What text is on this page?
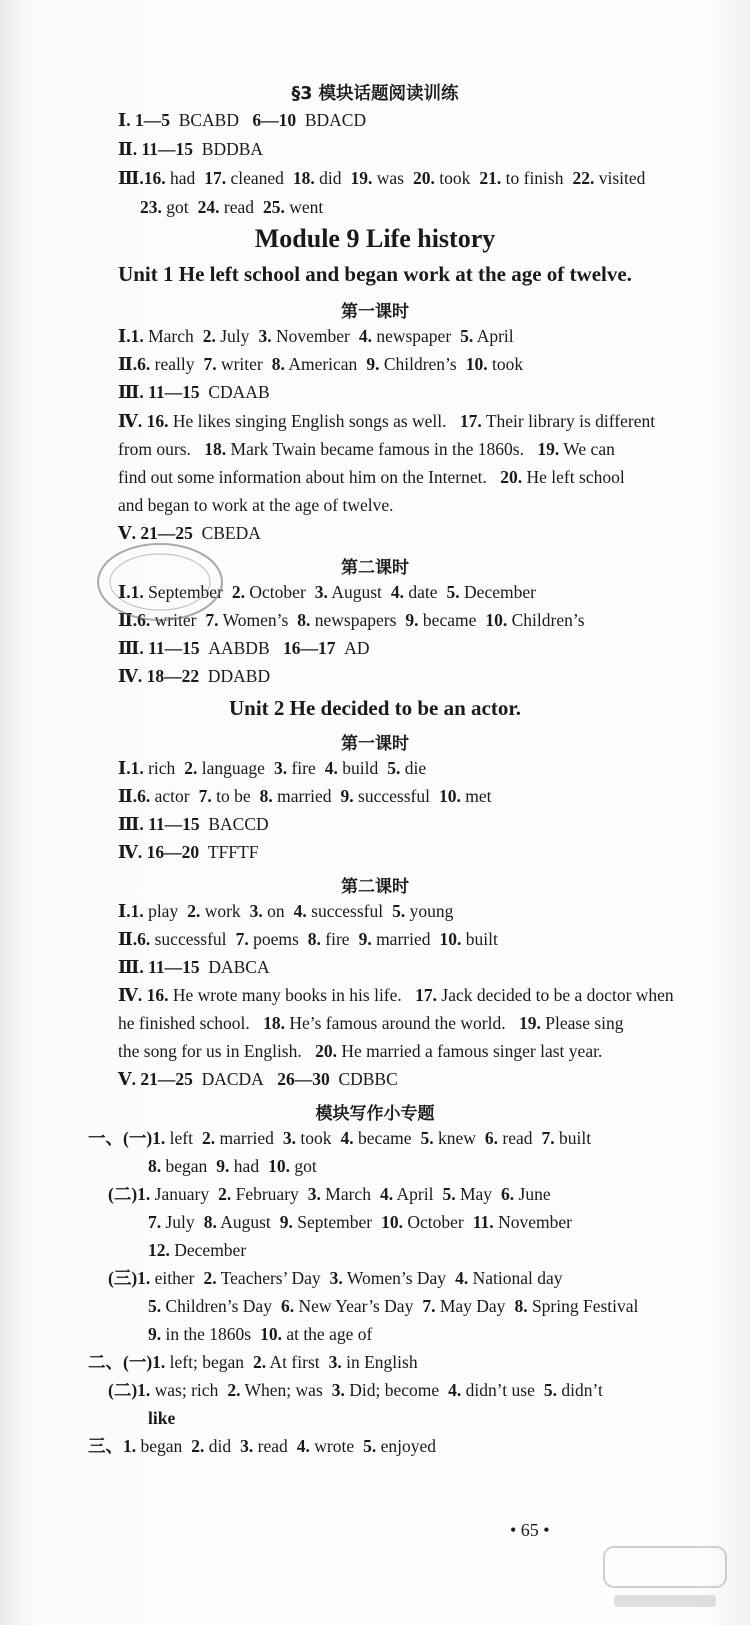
§3 模块话题阅读训练
Ⅰ. 1—5 BCABD 6—10 BDACD
Ⅱ. 11—15 BDDBA
Ⅲ.16. had 17. cleaned 18. did 19. was 20. took 21. to finish 22. visited
23. got 24. read 25. went
Module 9 Life history
Unit 1 He left school and began work at the age of twelve.
第一课时
Ⅰ.1. March 2. July 3. November 4. newspaper 5. April
Ⅱ.6. really 7. writer 8. American 9. Children’s 10. took
Ⅲ. 11—15 CDAAB
Ⅳ. 16. He likes singing English songs as well. 17. Their library is different
from ours. 18. Mark Twain became famous in the 1860s. 19. We can
find out some information about him on the Internet. 20. He left school
and began to work at the age of twelve.
Ⅴ. 21—25 CBEDA
第二课时
Ⅰ.1. September 2. October 3. August 4. date 5. December
Ⅱ.6. writer 7. Women’s 8. newspapers 9. became 10. Children’s
Ⅲ. 11—15 AABDB 16—17 AD
Ⅳ. 18—22 DDABD
Unit 2 He decided to be an actor.
第一课时
Ⅰ.1. rich 2. language 3. fire 4. build 5. die
Ⅱ.6. actor 7. to be 8. married 9. successful 10. met
Ⅲ. 11—15 BACCD
Ⅳ. 16—20 TFFTF
第二课时
Ⅰ.1. play 2. work 3. on 4. successful 5. young
Ⅱ.6. successful 7. poems 8. fire 9. married 10. built
Ⅲ. 11—15 DABCA
Ⅳ. 16. He wrote many books in his life. 17. Jack decided to be a doctor when
he finished school. 18. He’s famous around the world. 19. Please sing
the song for us in English. 20. He married a famous singer last year.
Ⅴ. 21—25 DACDA 26—30 CDBBC
模块写作小专题
一、(一)1. left 2. married 3. took 4. became 5. knew 6. read 7. built
8. began 9. had 10. got
(二)1. January 2. February 3. March 4. April 5. May 6. June
7. July 8. August 9. September 10. October 11. November
12. December
(三)1. either 2. Teachers’ Day 3. Women’s Day 4. National day
5. Children’s Day 6. New Year’s Day 7. May Day 8. Spring Festival
9. in the 1860s 10. at the age of
二、(一)1. left; began 2. At first 3. in English
(二)1. was; rich 2. When; was 3. Did; become 4. didn’t use 5. didn’t
like
三、1. began 2. did 3. read 4. wrote 5. enjoyed
• 65 •
